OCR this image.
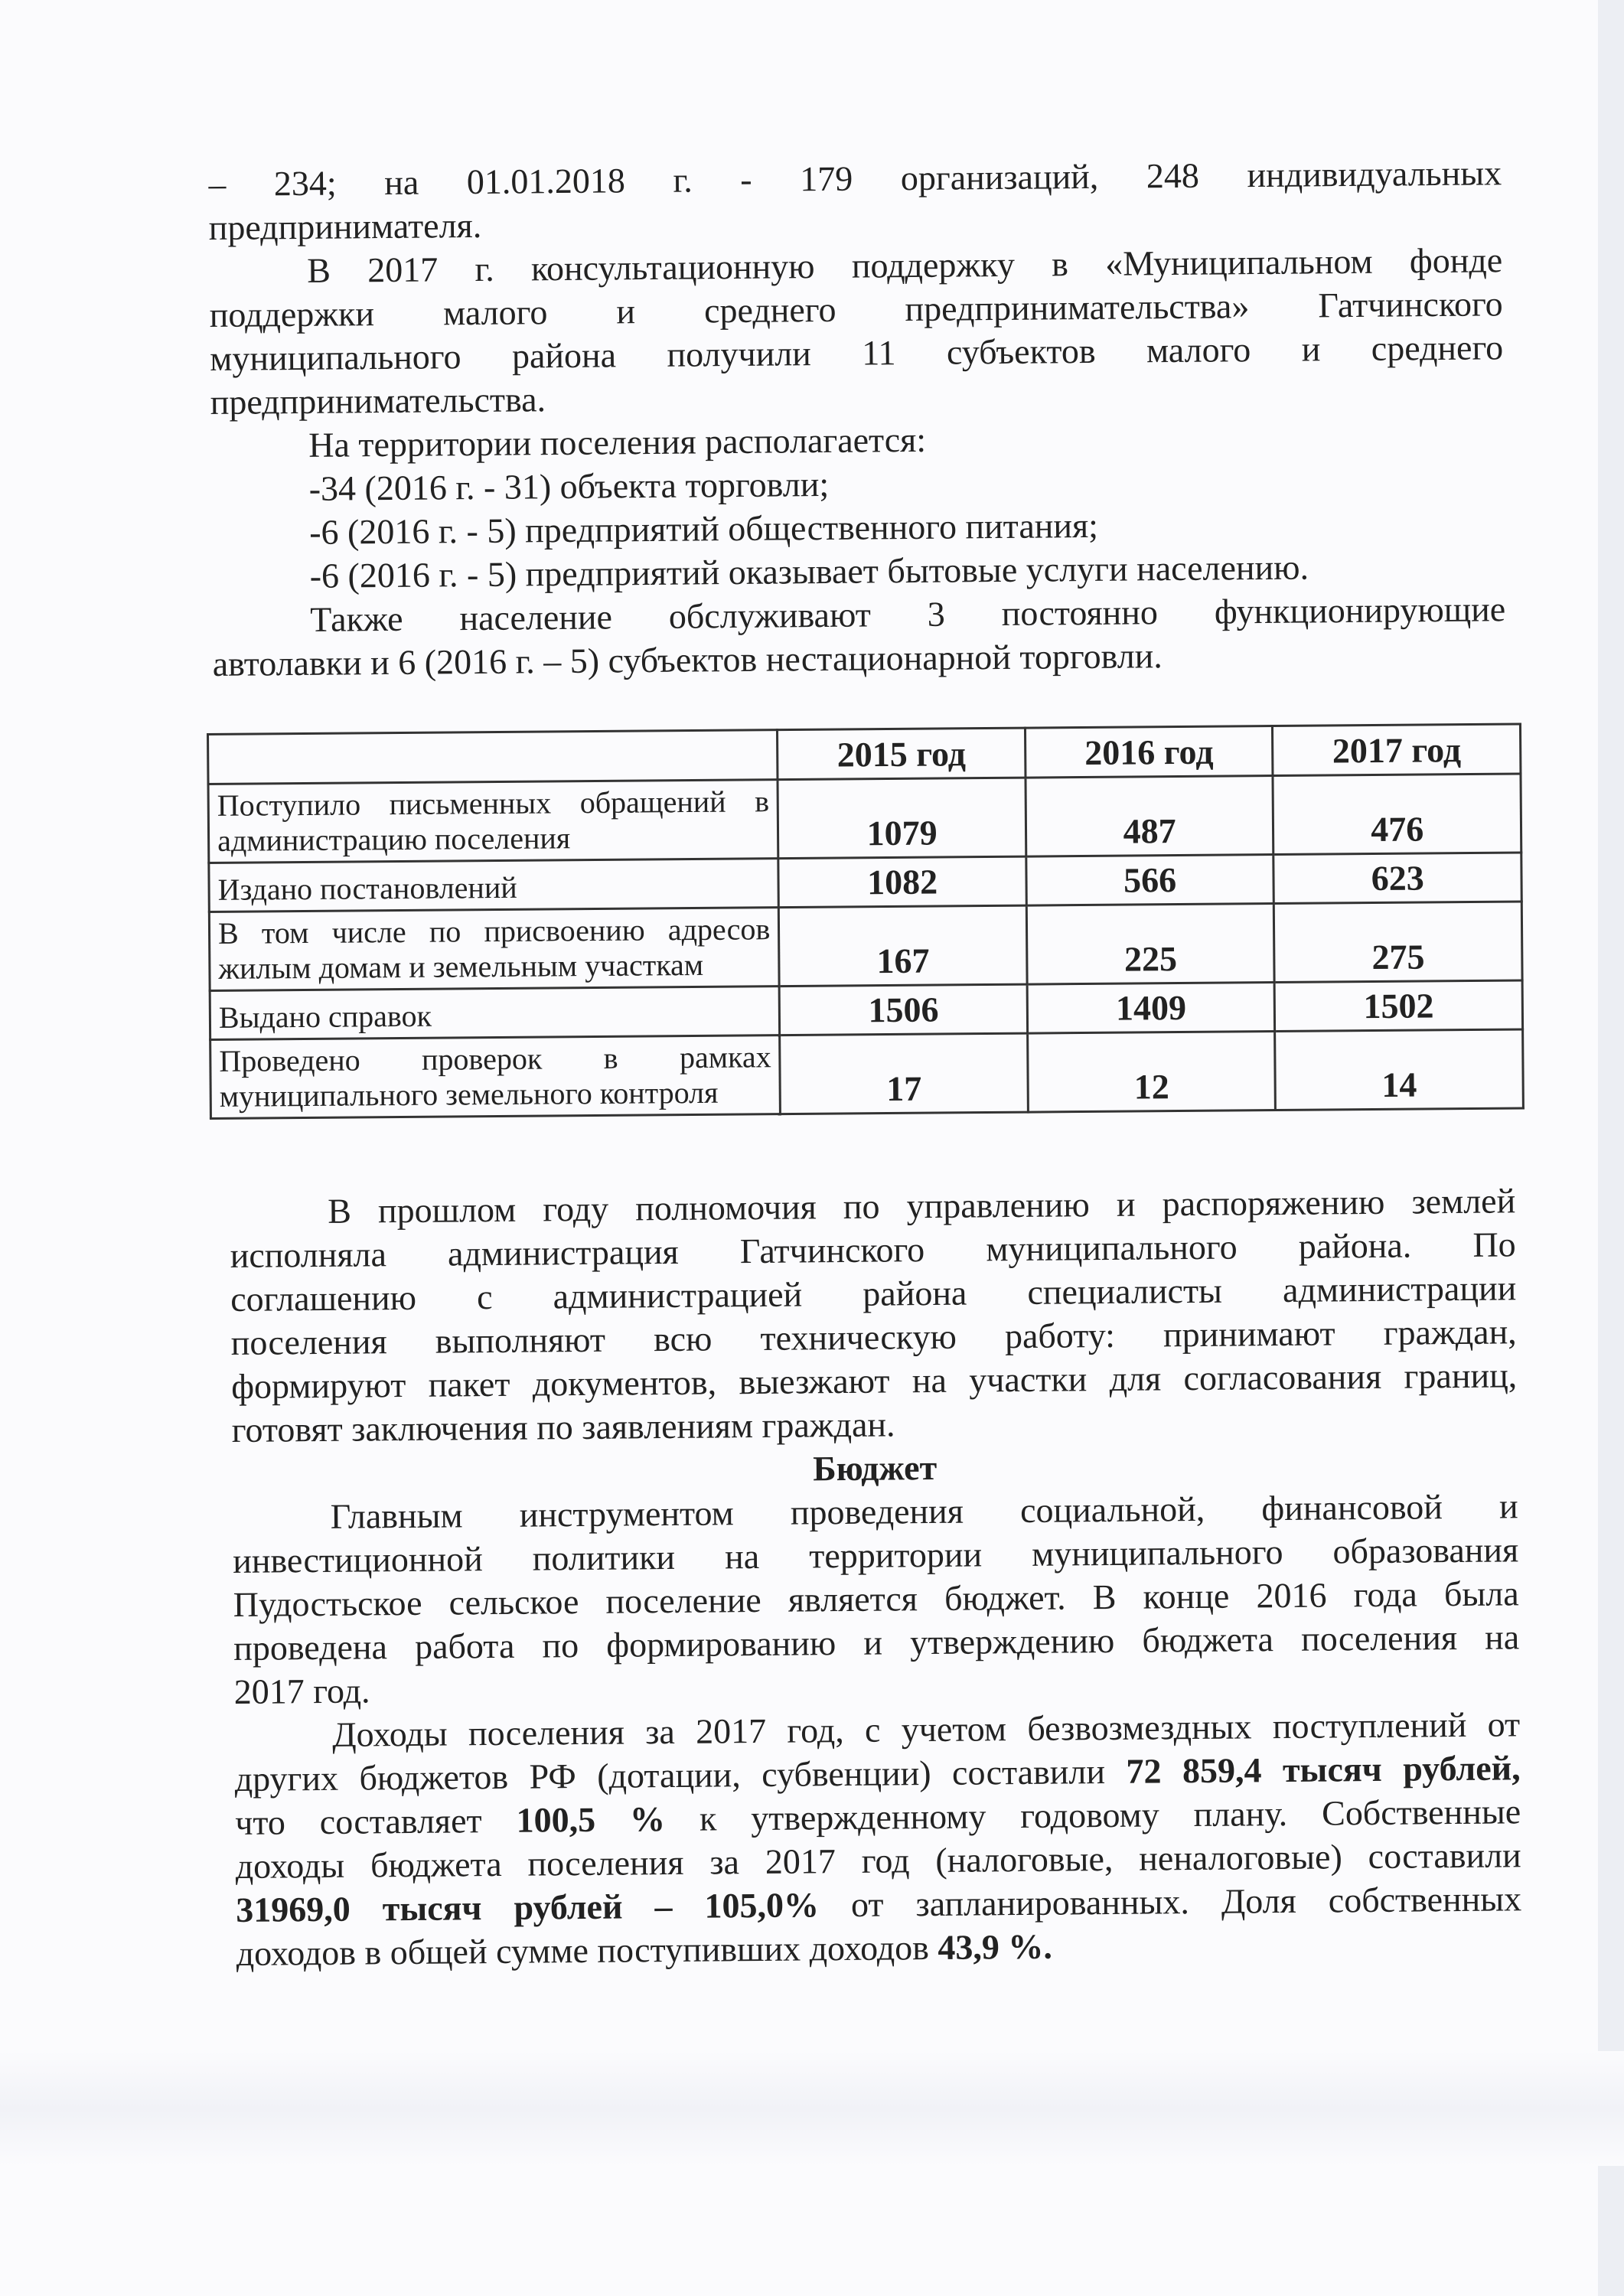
– 234; на 01.01.2018 г. - 179 организаций, 248 индивидуальных
предпринимателя.
В 2017 г. консультационную поддержку в «Муниципальном фонде
поддержки малого и среднего предпринимательства» Гатчинского
муниципального района получили 11 субъектов малого и среднего
предпринимательства.
На территории поселения располагается:
-34 (2016 г. - 31) объекта торговли;
-6 (2016 г. - 5) предприятий общественного питания;
-6 (2016 г. - 5) предприятий оказывает бытовые услуги населению.
Также население обслуживают 3 постоянно функционирующие
автолавки и 6 (2016 г. – 5) субъектов нестационарной торговли.
	2015 год	2016 год	2017 год
Поступило письменных обращений в администрацию поселения	1079	487	476
Издано постановлений	1082	566	623
В том числе по присвоению адресов жилым домам и земельным участкам	167	225	275
Выдано справок	1506	1409	1502
Проведено проверок в рамках муниципального земельного контроля	17	12	14
В прошлом году полномочия по управлению и распоряжению землей
исполняла администрация Гатчинского муниципального района. По
соглашению с администрацией района специалисты администрации
поселения выполняют всю техническую работу: принимают граждан,
формируют пакет документов, выезжают на участки для согласования границ,
готовят заключения по заявлениям граждан.
Бюджет
Главным инструментом проведения социальной, финансовой и
инвестиционной политики на территории муниципального образования
Пудостьское сельское поселение является бюджет. В конце 2016 года была
проведена работа по формированию и утверждению бюджета поселения на
2017 год.
Доходы поселения за 2017 год, с учетом безвозмездных поступлений от
других бюджетов РФ (дотации, субвенции) составили 72 859,4 тысяч рублей,
что составляет 100,5 % к утвержденному годовому плану. Собственные
доходы бюджета поселения за 2017 год (налоговые, неналоговые) составили
31969,0 тысяч рублей – 105,0% от запланированных. Доля собственных
доходов в общей сумме поступивших доходов 43,9 %.
